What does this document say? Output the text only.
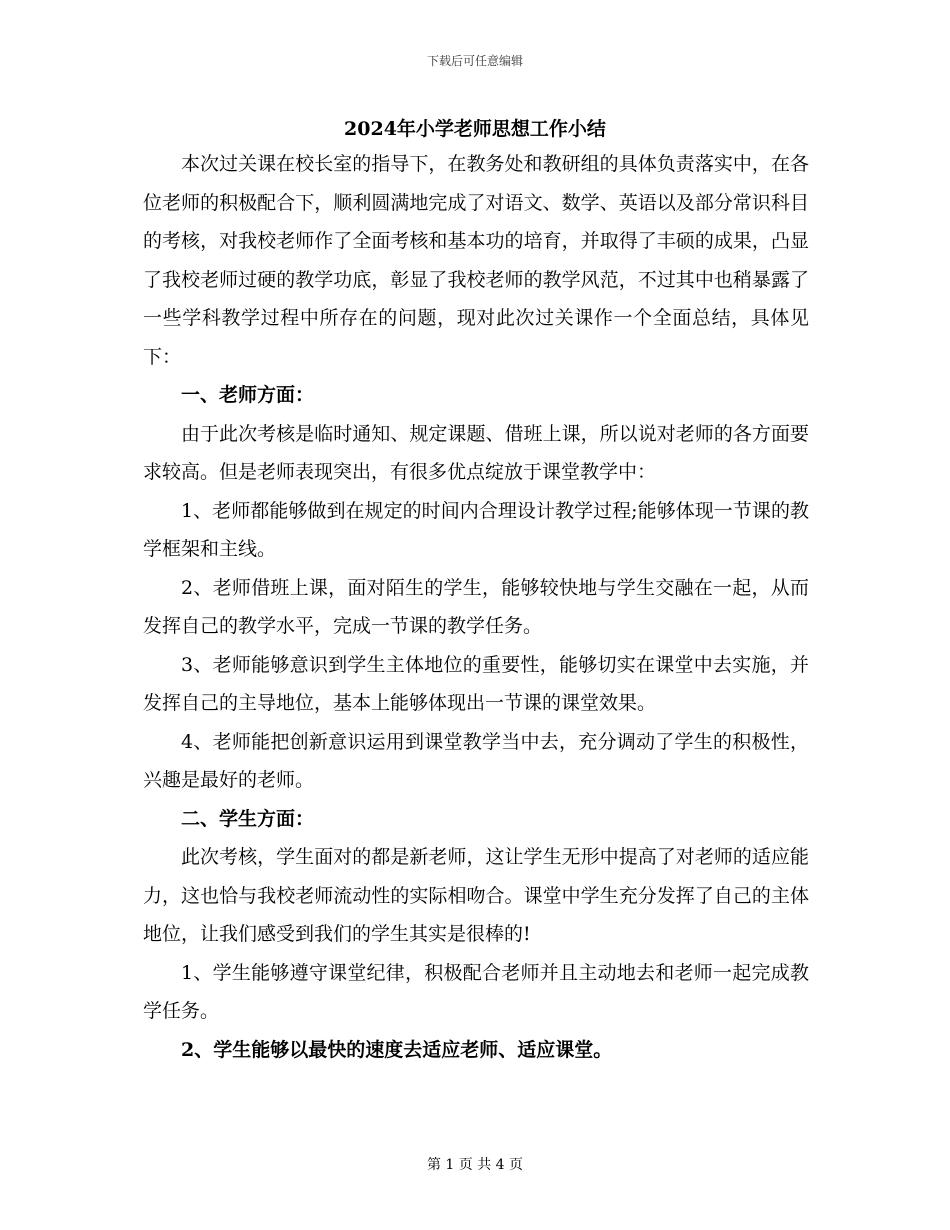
下载后可任意编辑
2024年小学老师思想工作小结

本次过关课在校长室的指导下，在教务处和教研组的具体负责落实中，在各位老师的积极配合下，顺利圆满地完成了对语文、数学、英语以及部分常识科目的考核，对我校老师作了全面考核和基本功的培育，并取得了丰硕的成果，凸显了我校老师过硬的教学功底，彰显了我校老师的教学风范，不过其中也稍暴露了一些学科教学过程中所存在的问题，现对此次过关课作一个全面总结，具体见下：

一、老师方面：

由于此次考核是临时通知、规定课题、借班上课，所以说对老师的各方面要求较高。但是老师表现突出，有很多优点绽放于课堂教学中：

1、老师都能够做到在规定的时间内合理设计教学过程;能够体现一节课的教学框架和主线。

2、老师借班上课，面对陌生的学生，能够较快地与学生交融在一起，从而发挥自己的教学水平，完成一节课的教学任务。

3、老师能够意识到学生主体地位的重要性，能够切实在课堂中去实施，并发挥自己的主导地位，基本上能够体现出一节课的课堂效果。

4、老师能把创新意识运用到课堂教学当中去，充分调动了学生的积极性，兴趣是最好的老师。

二、学生方面：

此次考核，学生面对的都是新老师，这让学生无形中提高了对老师的适应能力，这也恰与我校老师流动性的实际相吻合。课堂中学生充分发挥了自己的主体地位，让我们感受到我们的学生其实是很棒的!

1、学生能够遵守课堂纪律，积极配合老师并且主动地去和老师一起完成教学任务。

2、学生能够以最快的速度去适应老师、适应课堂。

第 1 页 共 4 页
